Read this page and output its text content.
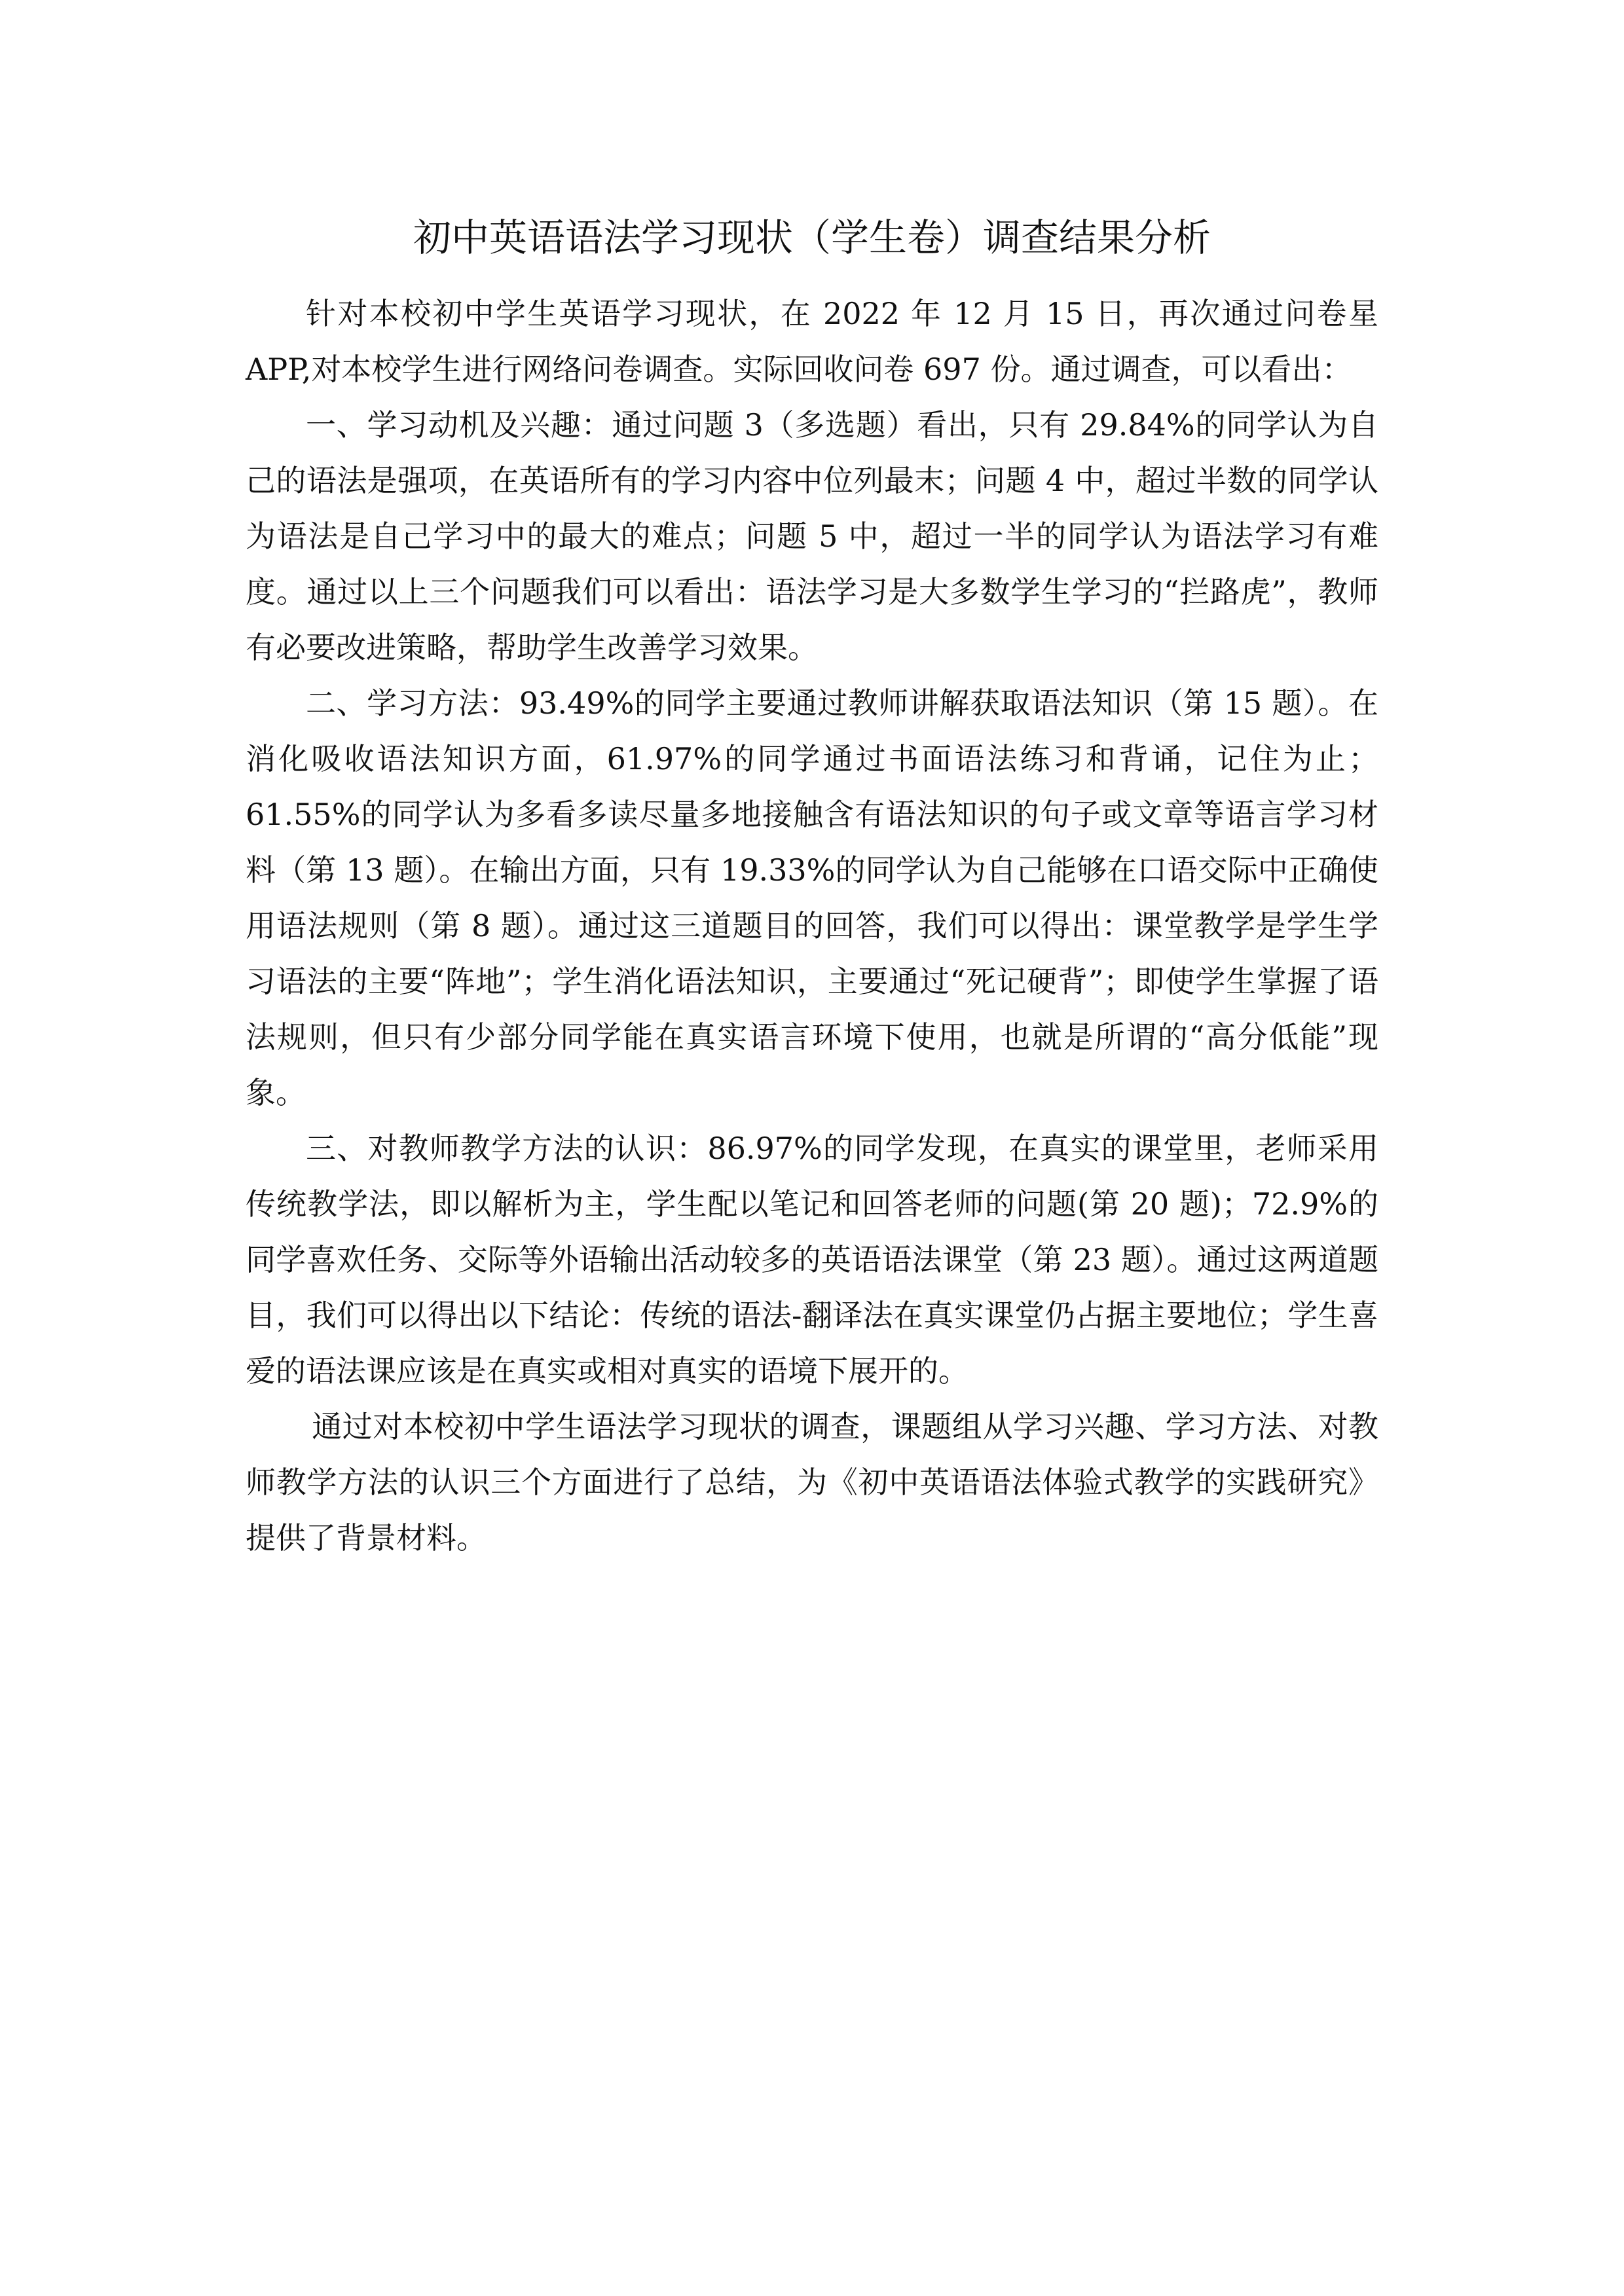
初中英语语法学习现状（学生卷）调查结果分析

针对本校初中学生英语学习现状，在 2022 年 12 月 15 日，再次通过问卷星 APP,对本校学生进行网络问卷调查。实际回收问卷 697 份。通过调查，可以看出：

一、学习动机及兴趣：通过问题 3（多选题）看出，只有 29.84%的同学认为自己的语法是强项，在英语所有的学习内容中位列最末；问题 4 中，超过半数的同学认为语法是自己学习中的最大的难点；问题 5 中，超过一半的同学认为语法学习有难度。通过以上三个问题我们可以看出：语法学习是大多数学生学习的“拦路虎”，教师有必要改进策略，帮助学生改善学习效果。

二、学习方法：93.49%的同学主要通过教师讲解获取语法知识（第 15 题）。在消化吸收语法知识方面，61.97%的同学通过书面语法练习和背诵，记住为止；61.55%的同学认为多看多读尽量多地接触含有语法知识的句子或文章等语言学习材料（第 13 题）。在输出方面，只有 19.33%的同学认为自己能够在口语交际中正确使用语法规则（第 8 题）。通过这三道题目的回答，我们可以得出：课堂教学是学生学习语法的主要“阵地”；学生消化语法知识，主要通过“死记硬背”；即使学生掌握了语法规则，但只有少部分同学能在真实语言环境下使用，也就是所谓的“高分低能”现象。

三、对教师教学方法的认识：86.97%的同学发现，在真实的课堂里，老师采用传统教学法，即以解析为主，学生配以笔记和回答老师的问题(第 20 题)；72.9%的同学喜欢任务、交际等外语输出活动较多的英语语法课堂（第 23 题）。通过这两道题目，我们可以得出以下结论：传统的语法-翻译法在真实课堂仍占据主要地位；学生喜爱的语法课应该是在真实或相对真实的语境下展开的。

通过对本校初中学生语法学习现状的调查，课题组从学习兴趣、学习方法、对教师教学方法的认识三个方面进行了总结，为《初中英语语法体验式教学的实践研究》提供了背景材料。
